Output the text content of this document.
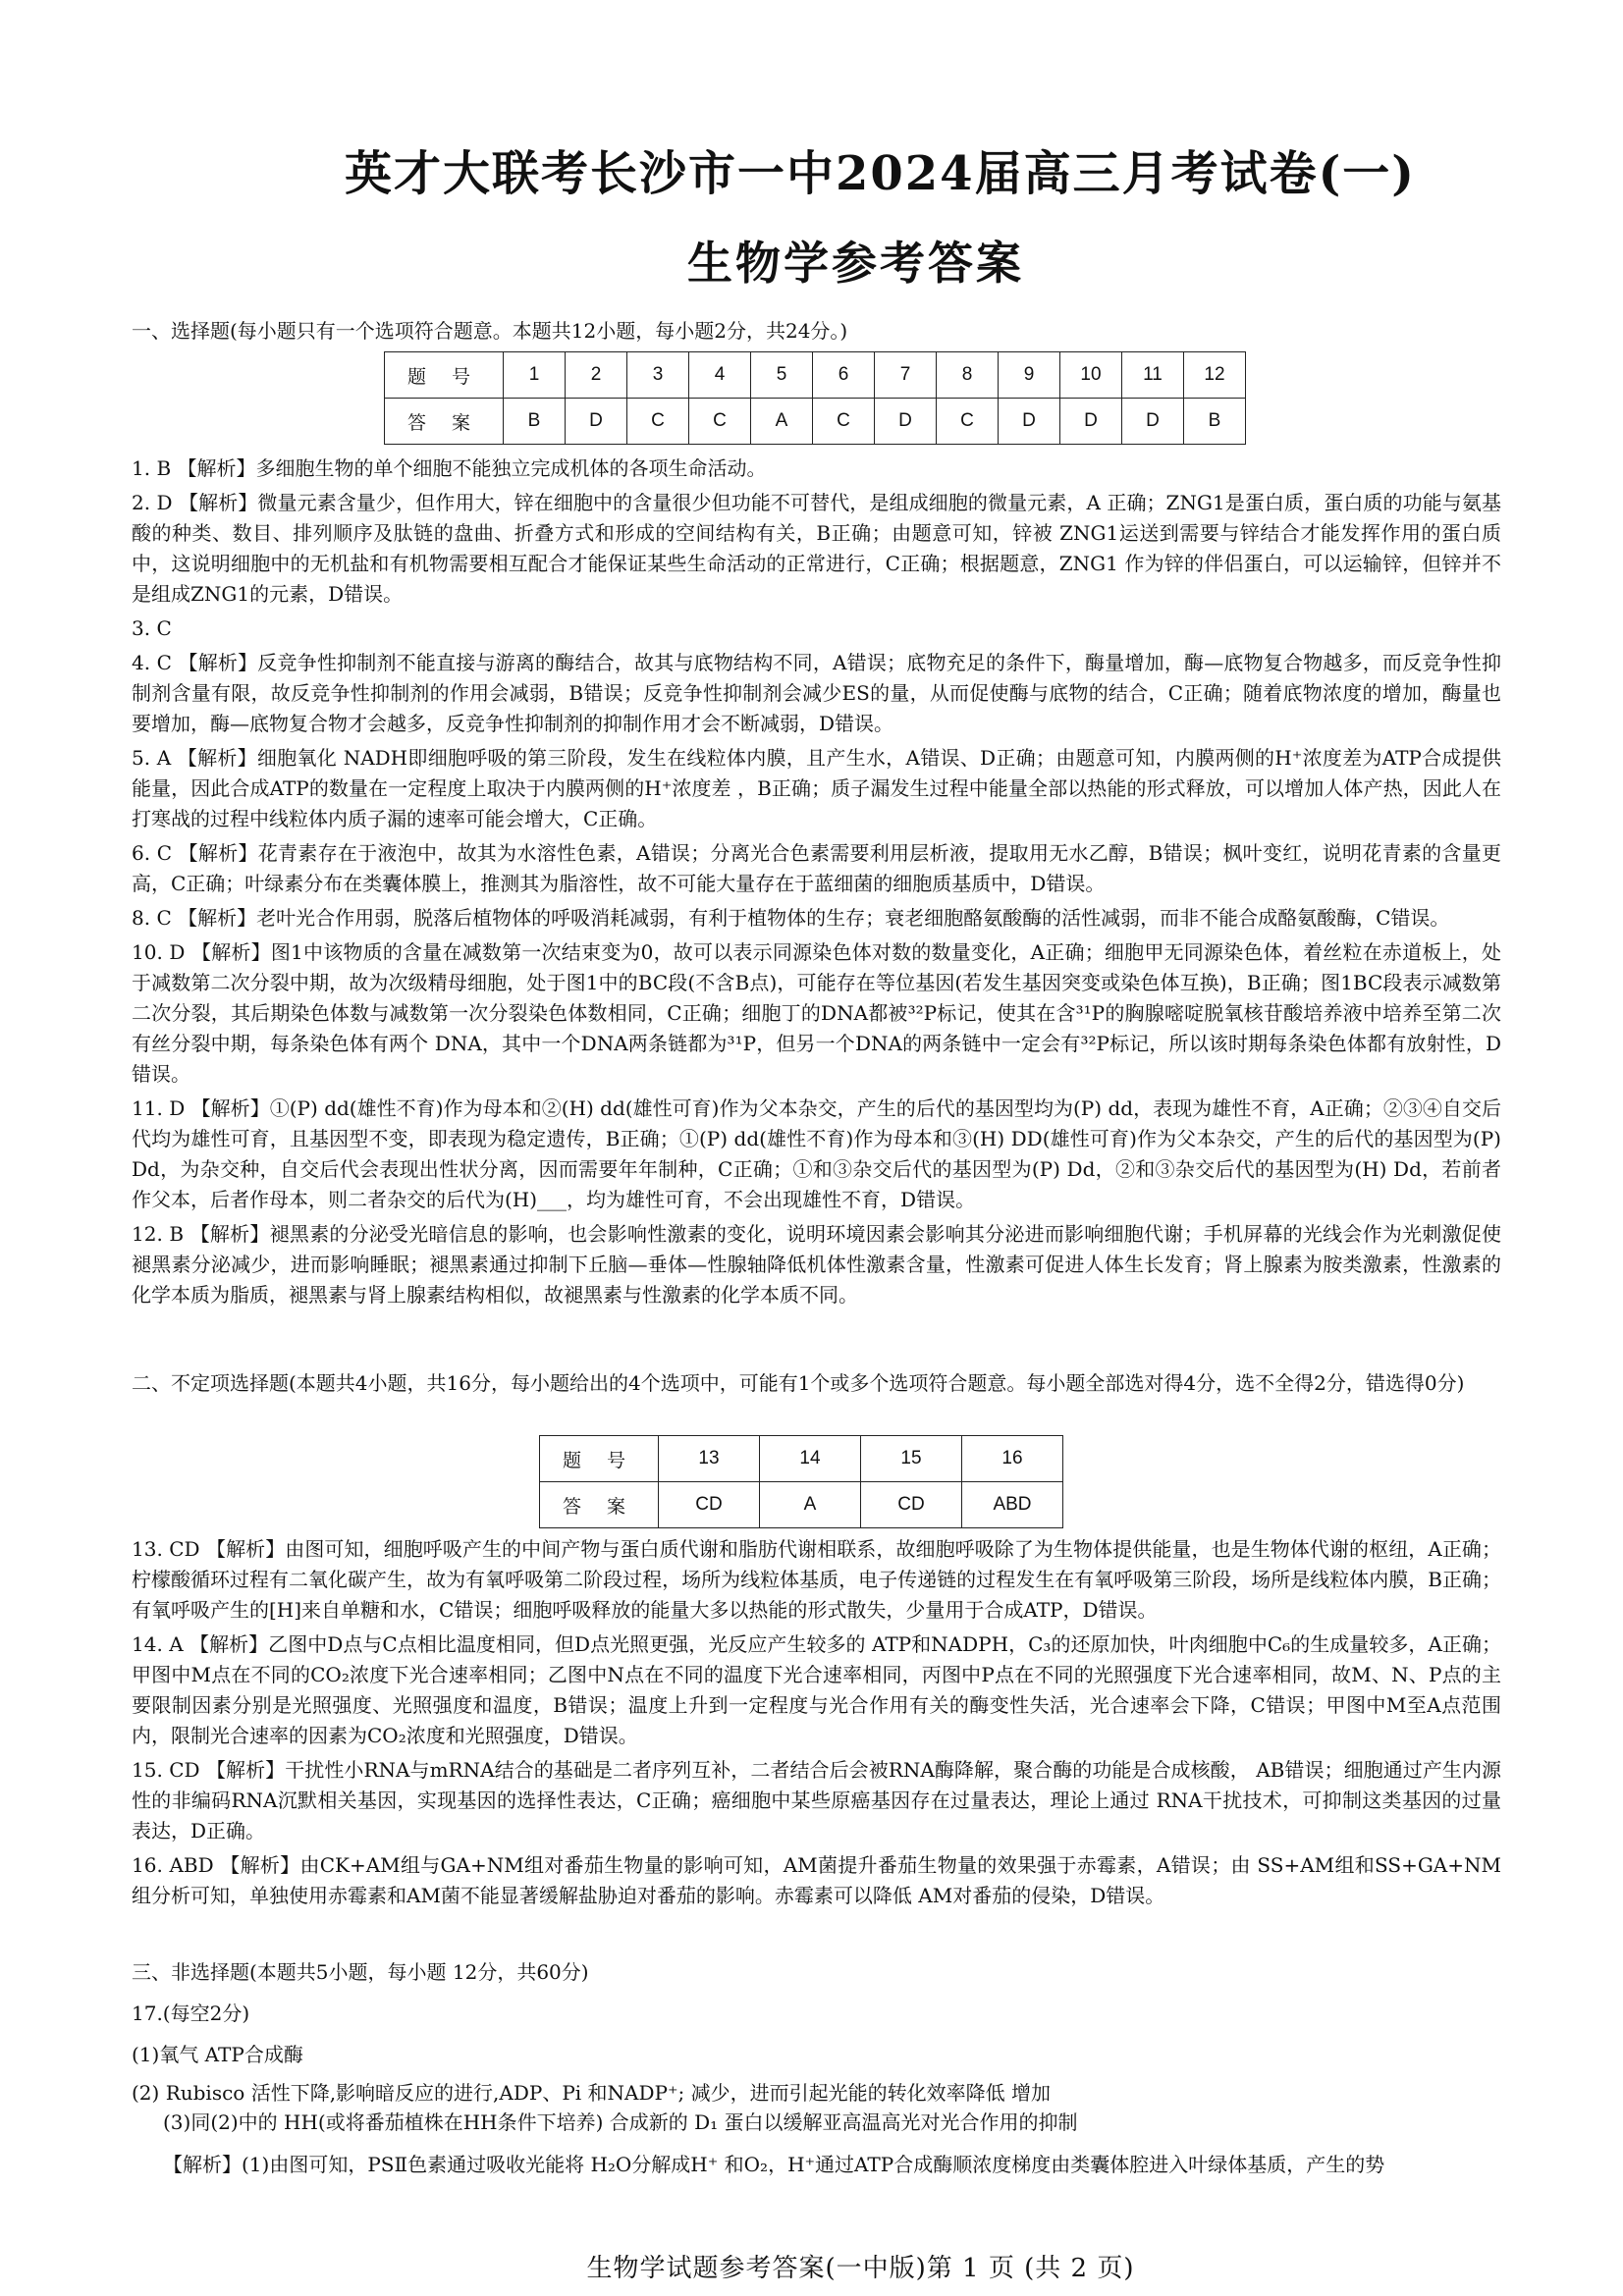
英才大联考长沙市一中2024届高三月考试卷(一)
生物学参考答案
一、选择题(每小题只有一个选项符合题意。本题共12小题，每小题2分，共24分。)
题 号	1	2	3	4	5	6	7	8	9	10	11	12
答 案	B	D	C	C	A	C	D	C	D	D	D	B

1. B 【解析】多细胞生物的单个细胞不能独立完成机体的各项生命活动。

2. D 【解析】微量元素含量少，但作用大，锌在细胞中的含量很少但功能不可替代，是组成细胞的微量元素，A 正确；ZNG1是蛋白质，蛋白质的功能与氨基酸的种类、数目、排列顺序及肽链的盘曲、折叠方式和形成的空间结构有关，B正确；由题意可知，锌被 ZNG1运送到需要与锌结合才能发挥作用的蛋白质中，这说明细胞中的无机盐和有机物需要相互配合才能保证某些生命活动的正常进行，C正确；根据题意，ZNG1 作为锌的伴侣蛋白，可以运输锌，但锌并不是组成ZNG1的元素，D错误。

3. C

4. C 【解析】反竞争性抑制剂不能直接与游离的酶结合，故其与底物结构不同，A错误；底物充足的条件下，酶量增加，酶—底物复合物越多，而反竞争性抑制剂含量有限，故反竞争性抑制剂的作用会减弱，B错误；反竞争性抑制剂会减少ES的量，从而促使酶与底物的结合，C正确；随着底物浓度的增加，酶量也要增加，酶—底物复合物才会越多，反竞争性抑制剂的抑制作用才会不断减弱，D错误。

5. A 【解析】细胞氧化 NADH即细胞呼吸的第三阶段，发生在线粒体内膜，且产生水，A错误、D正确；由题意可知，内膜两侧的H⁺浓度差为ATP合成提供能量，因此合成ATP的数量在一定程度上取决于内膜两侧的H⁺浓度差 ，B正确；质子漏发生过程中能量全部以热能的形式释放，可以增加人体产热，因此人在打寒战的过程中线粒体内质子漏的速率可能会增大，C正确。

6. C 【解析】花青素存在于液泡中，故其为水溶性色素，A错误；分离光合色素需要利用层析液，提取用无水乙醇，B错误；枫叶变红，说明花青素的含量更高，C正确；叶绿素分布在类囊体膜上，推测其为脂溶性，故不可能大量存在于蓝细菌的细胞质基质中，D错误。

8. C 【解析】老叶光合作用弱，脱落后植物体的呼吸消耗减弱，有利于植物体的生存；衰老细胞酪氨酸酶的活性减弱，而非不能合成酪氨酸酶，C错误。

10. D 【解析】图1中该物质的含量在减数第一次结束变为0，故可以表示同源染色体对数的数量变化，A正确；细胞甲无同源染色体，着丝粒在赤道板上，处于减数第二次分裂中期，故为次级精母细胞，处于图1中的BC段(不含B点)，可能存在等位基因(若发生基因突变或染色体互换)，B正确；图1BC段表示减数第二次分裂，其后期染色体数与减数第一次分裂染色体数相同，C正确；细胞丁的DNA都被³²P标记，使其在含³¹P的胸腺嘧啶脱氧核苷酸培养液中培养至第二次有丝分裂中期，每条染色体有两个 DNA，其中一个DNA两条链都为³¹P，但另一个DNA的两条链中一定会有³²P标记，所以该时期每条染色体都有放射性，D错误。

11. D 【解析】①(P) dd(雄性不育)作为母本和②(H) dd(雄性可育)作为父本杂交，产生的后代的基因型均为(P) dd，表现为雄性不育，A正确；②③④自交后代均为雄性可育，且基因型不变，即表现为稳定遗传，B正确；①(P) dd(雄性不育)作为母本和③(H) DD(雄性可育)作为父本杂交，产生的后代的基因型为(P) Dd，为杂交种，自交后代会表现出性状分离，因而需要年年制种，C正确；①和③杂交后代的基因型为(P) Dd，②和③杂交后代的基因型为(H) Dd，若前者作父本，后者作母本，则二者杂交的后代为(H)___，均为雄性可育，不会出现雄性不育，D错误。

12. B 【解析】褪黑素的分泌受光暗信息的影响，也会影响性激素的变化，说明环境因素会影响其分泌进而影响细胞代谢；手机屏幕的光线会作为光刺激促使褪黑素分泌减少，进而影响睡眠；褪黑素通过抑制下丘脑—垂体—性腺轴降低机体性激素含量，性激素可促进人体生长发育；肾上腺素为胺类激素，性激素的化学本质为脂质，褪黑素与肾上腺素结构相似，故褪黑素与性激素的化学本质不同。

二、不定项选择题(本题共4小题，共16分，每小题给出的4个选项中，可能有1个或多个选项符合题意。每小题全部选对得4分，选不全得2分，错选得0分)
题 号	13	14	15	16
答 案	CD	A	CD	ABD

13. CD 【解析】由图可知，细胞呼吸产生的中间产物与蛋白质代谢和脂肪代谢相联系，故细胞呼吸除了为生物体提供能量，也是生物体代谢的枢纽，A正确；柠檬酸循环过程有二氧化碳产生，故为有氧呼吸第二阶段过程，场所为线粒体基质，电子传递链的过程发生在有氧呼吸第三阶段，场所是线粒体内膜，B正确；有氧呼吸产生的[H]来自单糖和水，C错误；细胞呼吸释放的能量大多以热能的形式散失，少量用于合成ATP，D错误。

14. A 【解析】乙图中D点与C点相比温度相同，但D点光照更强，光反应产生较多的 ATP和NADPH，C₃的还原加快，叶肉细胞中C₆的生成量较多，A正确；甲图中M点在不同的CO₂浓度下光合速率相同；乙图中N点在不同的温度下光合速率相同，丙图中P点在不同的光照强度下光合速率相同，故M、N、P点的主要限制因素分别是光照强度、光照强度和温度，B错误；温度上升到一定程度与光合作用有关的酶变性失活，光合速率会下降，C错误；甲图中M至A点范围内，限制光合速率的因素为CO₂浓度和光照强度，D错误。

15. CD 【解析】干扰性小RNA与mRNA结合的基础是二者序列互补，二者结合后会被RNA酶降解，聚合酶的功能是合成核酸， AB错误；细胞通过产生内源性的非编码RNA沉默相关基因，实现基因的选择性表达，C正确；癌细胞中某些原癌基因存在过量表达，理论上通过 RNA干扰技术，可抑制这类基因的过量表达，D正确。

16. ABD 【解析】由CK+AM组与GA+NM组对番茄生物量的影响可知，AM菌提升番茄生物量的效果强于赤霉素，A错误；由 SS+AM组和SS+GA+NM组分析可知，单独使用赤霉素和AM菌不能显著缓解盐胁迫对番茄的影响。赤霉素可以降低 AM对番茄的侵染，D错误。

三、非选择题(本题共5小题，每小题 12分，共60分)
17.(每空2分)
(1)氧气 ATP合成酶
(2) Rubisco 活性下降,影响暗反应的进行,ADP、Pi 和NADP⁺; 减少，进而引起光能的转化效率降低 增加
(3)同(2)中的 HH(或将番茄植株在HH条件下培养) 合成新的 D₁ 蛋白以缓解亚高温高光对光合作用的抑制
【解析】(1)由图可知，PSⅡ色素通过吸收光能将 H₂O分解成H⁺ 和O₂，H⁺通过ATP合成酶顺浓度梯度由类囊体腔进入叶绿体基质，产生的势
生物学试题参考答案(一中版)第 1 页 (共 2 页)
